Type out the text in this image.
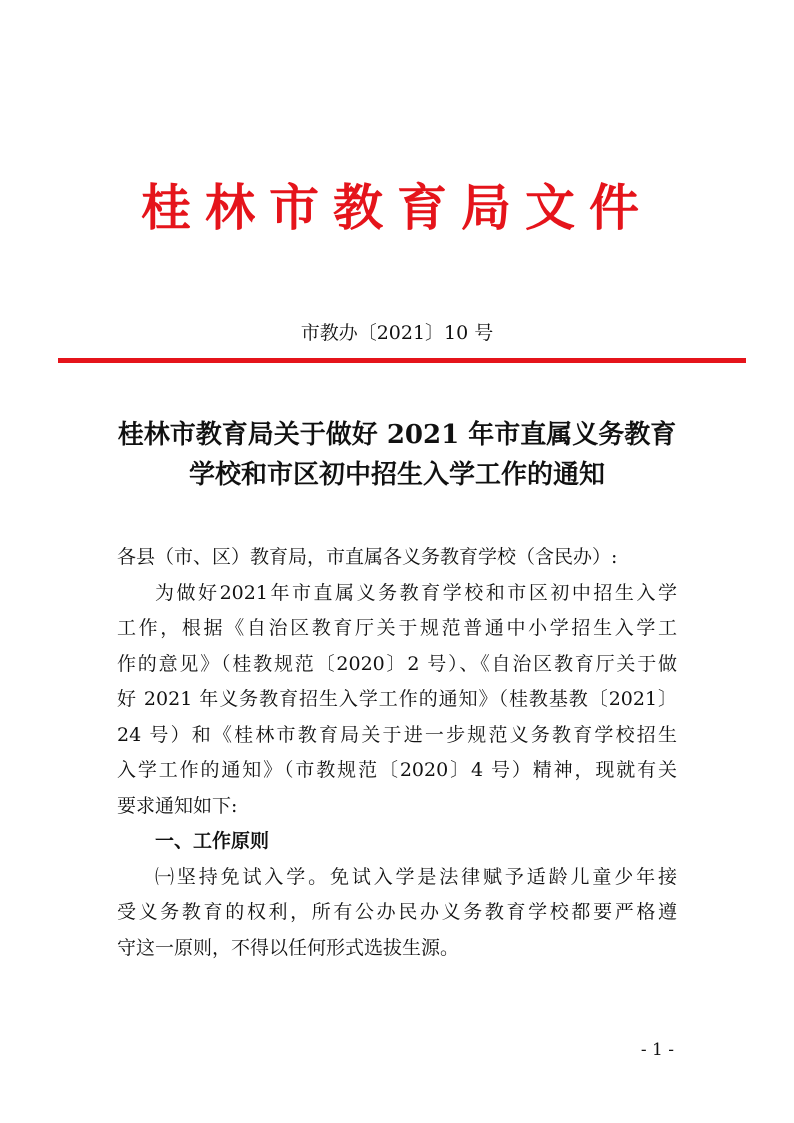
桂林市教育局文件
市教办〔2021〕10 号
桂林市教育局关于做好 2021 年市直属义务教育
学校和市区初中招生入学工作的通知
各县（市、区）教育局，市直属各义务教育学校（含民办）:
为做好2021年市直属义务教育学校和市区初中招生入学
工作，根据《自治区教育厅关于规范普通中小学招生入学工
作的意见》（桂教规范〔2020〕2 号）、《自治区教育厅关于做
好 2021 年义务教育招生入学工作的通知》（桂教基教〔2021〕
24 号）和《桂林市教育局关于进一步规范义务教育学校招生
入学工作的通知》（市教规范〔2020〕4 号）精神，现就有关
要求通知如下:
一、工作原则
㈠坚持免试入学。免试入学是法律赋予适龄儿童少年接
受义务教育的权利，所有公办民办义务教育学校都要严格遵
守这一原则，不得以任何形式选拔生源。
- 1 -
